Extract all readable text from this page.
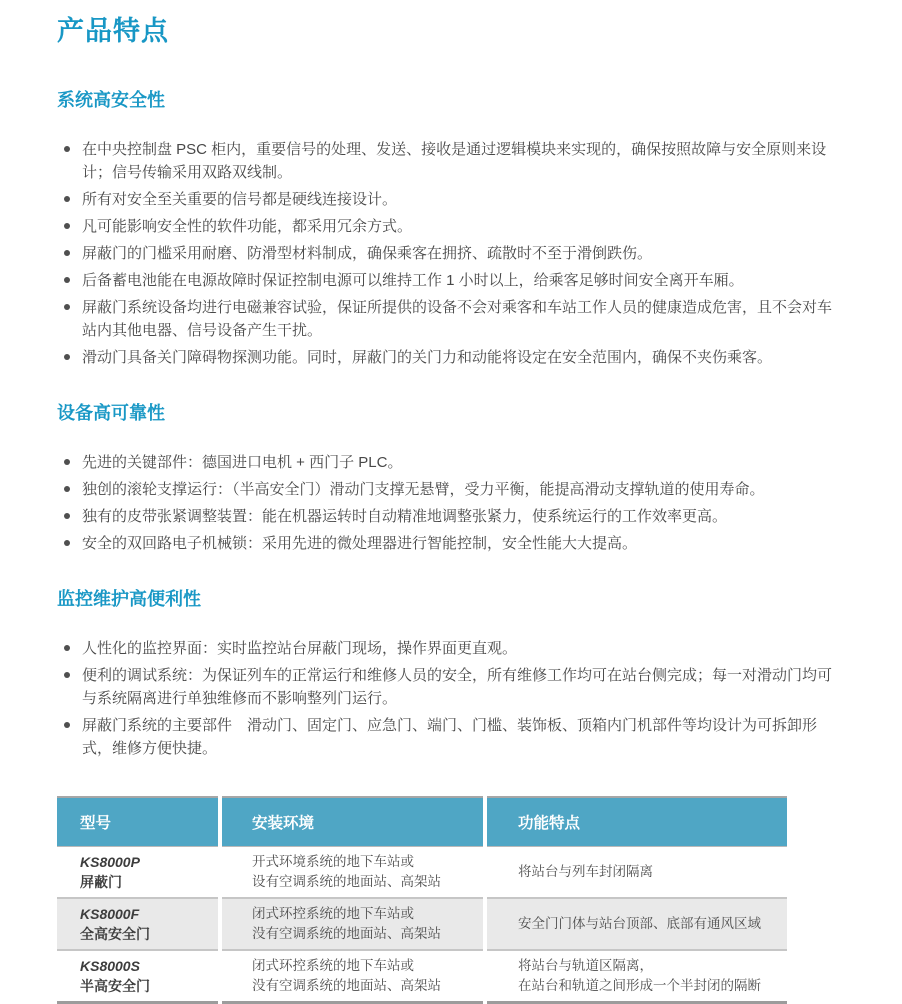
产品特点
系统高安全性
在中央控制盘 PSC 柜内，重要信号的处理、发送、接收是通过逻辑模块来实现的，确保按照故障与安全原则来设计；信号传输采用双路双线制。
所有对安全至关重要的信号都是硬线连接设计。
凡可能影响安全性的软件功能，都采用冗余方式。
屏蔽门的门槛采用耐磨、防滑型材料制成，确保乘客在拥挤、疏散时不至于滑倒跌伤。
后备蓄电池能在电源故障时保证控制电源可以维持工作 1 小时以上，给乘客足够时间安全离开车厢。
屏蔽门系统设备均进行电磁兼容试验，保证所提供的设备不会对乘客和车站工作人员的健康造成危害，且不会对车站内其他电器、信号设备产生干扰。
滑动门具备关门障碍物探测功能。同时，屏蔽门的关门力和动能将设定在安全范围内，确保不夹伤乘客。
设备高可靠性
先进的关键部件：德国进口电机 + 西门子 PLC。
独创的滚轮支撑运行：（半高安全门）滑动门支撑无悬臂，受力平衡，能提高滑动支撑轨道的使用寿命。
独有的皮带张紧调整装置：能在机器运转时自动精准地调整张紧力，使系统运行的工作效率更高。
安全的双回路电子机械锁：采用先进的微处理器进行智能控制，安全性能大大提高。
监控维护高便利性
人性化的监控界面：实时监控站台屏蔽门现场，操作界面更直观。
便利的调试系统：为保证列车的正常运行和维修人员的安全，所有维修工作均可在站台侧完成；每一对滑动门均可与系统隔离进行单独维修而不影响整列门运行。
屏蔽门系统的主要部件　滑动门、固定门、应急门、端门、门槛、装饰板、顶箱内门机部件等均设计为可拆卸形式，维修方便快捷。
型号	安装环境	功能特点
KS8000P
屏蔽门
开式环境系统的地下车站或
设有空调系统的地面站、高架站
将站台与列车封闭隔离
KS8000F
全高安全门
闭式环控系统的地下车站或
没有空调系统的地面站、高架站
安全门门体与站台顶部、底部有通风区域
KS8000S
半高安全门
闭式环控系统的地下车站或
没有空调系统的地面站、高架站
将站台与轨道区隔离，
在站台和轨道之间形成一个半封闭的隔断
